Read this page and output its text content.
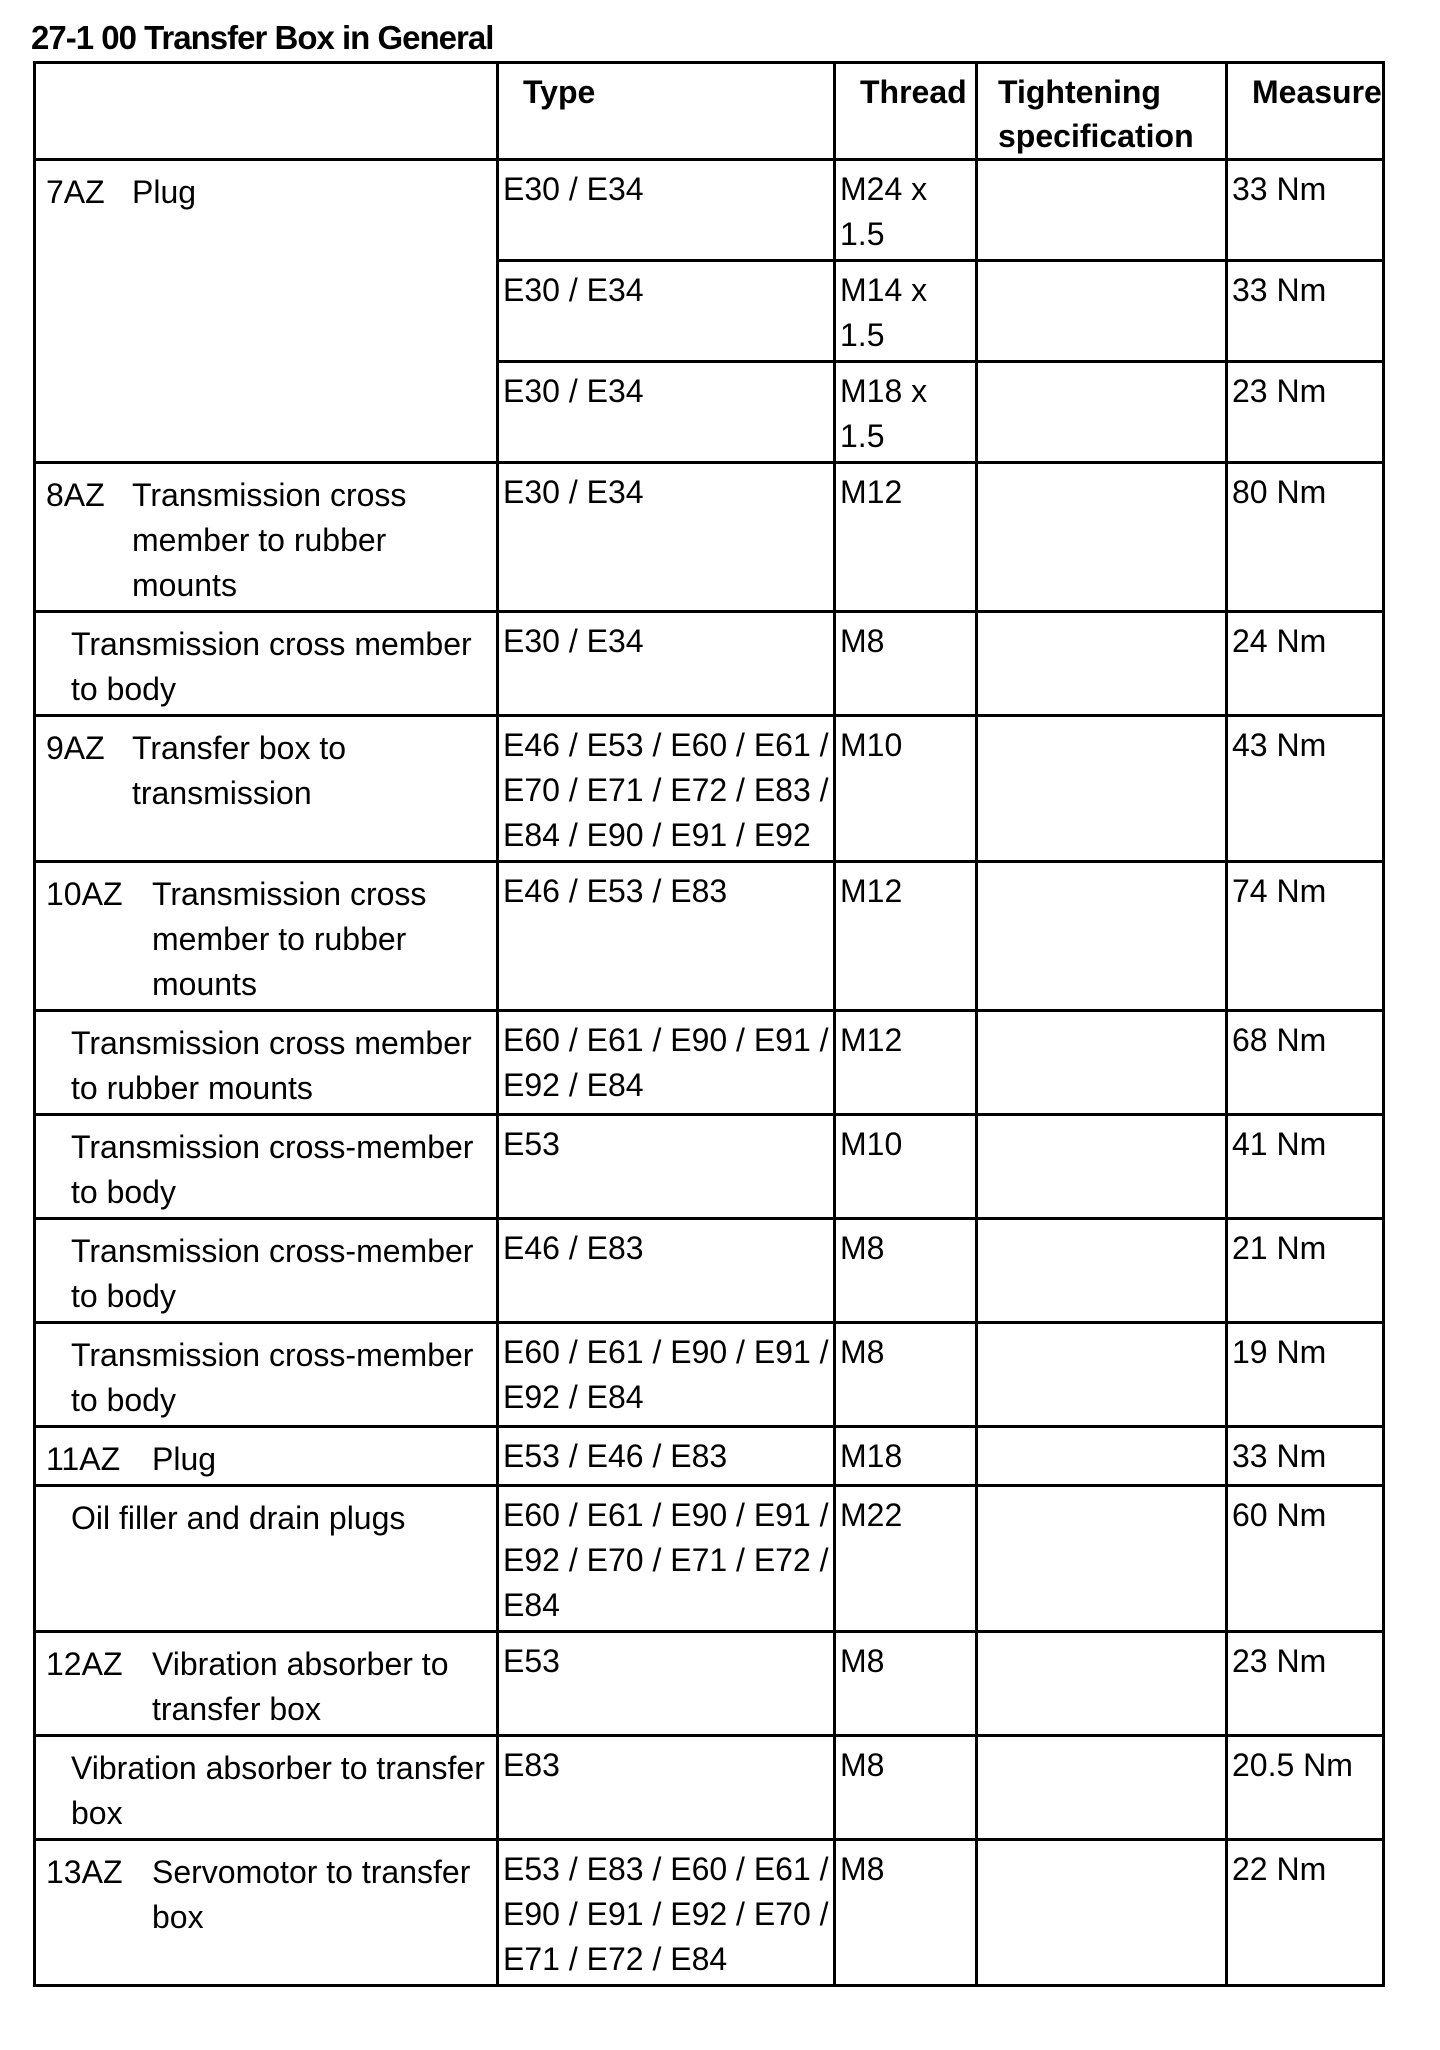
27-1 00 Transfer Box in General
	Type	Thread	Tightening specification	Measure

7AZ Plug	E30 / E34	M24 x 1.5		33 Nm

	E30 / E34	M14 x 1.5		33 Nm

	E30 / E34	M18 x 1.5		23 Nm

8AZ Transmission cross member to rubber mounts	E30 / E34	M12		80 Nm

Transmission cross member to body	E30 / E34	M8		24 Nm

9AZ Transfer box to transmission	E46 / E53 / E60 / E61 / E70 / E71 / E72 / E83 / E84 / E90 / E91 / E92	M10		43 Nm

10AZ Transmission cross member to rubber mounts	E46 / E53 / E83	M12		74 Nm

Transmission cross member to rubber mounts	E60 / E61 / E90 / E91 / E92 / E84	M12		68 Nm

Transmission cross-member to body	E53	M10		41 Nm

Transmission cross-member to body	E46 / E83	M8		21 Nm

Transmission cross-member to body	E60 / E61 / E90 / E91 / E92 / E84	M8		19 Nm

11AZ Plug	E53 / E46 / E83	M18		33 Nm

Oil filler and drain plugs	E60 / E61 / E90 / E91 / E92 / E70 / E71 / E72 / E84	M22		60 Nm

12AZ Vibration absorber to transfer box	E53	M8		23 Nm

Vibration absorber to transfer box	E83	M8		20.5 Nm

13AZ Servomotor to transfer box	E53 / E83 / E60 / E61 / E90 / E91 / E92 / E70 / E71 / E72 / E84	M8		22 Nm
